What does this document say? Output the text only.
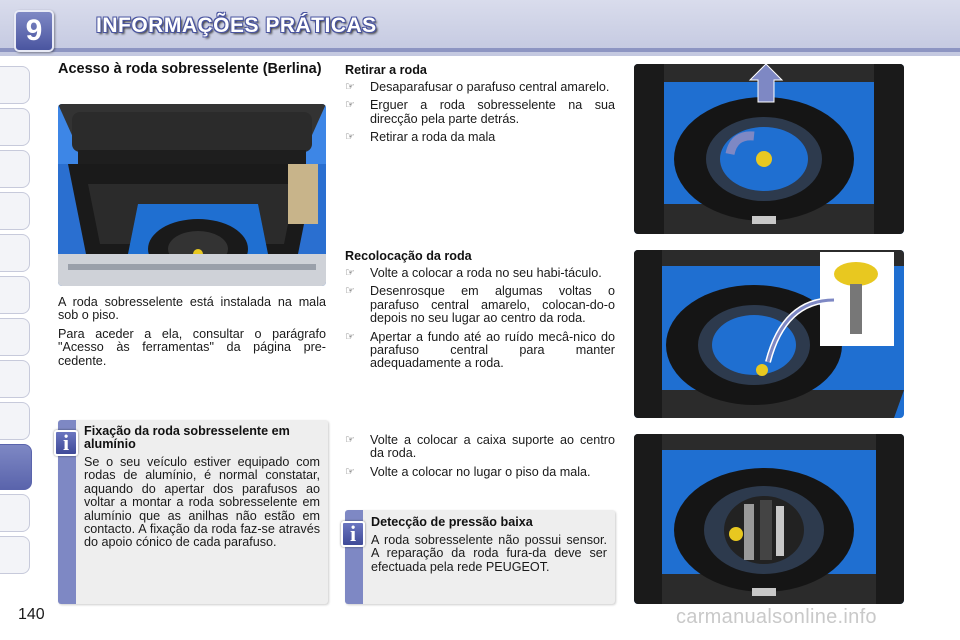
9	INFORMAÇÕES PRÁTICAS
Acesso à roda sobresselente (Berlina)

A roda sobresselente está instalada na mala sob o piso.

Para aceder a ela, consultar o parágrafo "Acesso às ferramentas" da página pre-cedente.

Fixação da roda sobresselente em alumínio
Se o seu veículo estiver equipado com rodas de alumínio, é normal constatar, aquando do apertar dos parafusos ao voltar a montar a roda sobresselente em alumínio que as anilhas não estão em contacto. A fixação da roda faz-se através do apoio cónico de cada parafuso.
i
Retirar a roda
☞ Desaparafusar o parafuso central amarelo.
☞ Erguer a roda sobresselente na sua direcção pela parte detrás.
☞ Retirar a roda da mala
Recolocação da roda
☞ Volte a colocar a roda no seu habi-táculo.
☞ Desenrosque em algumas voltas o parafuso central amarelo, colocan-do-o depois no seu lugar ao centro da roda.
☞ Apertar a fundo até ao ruído mecâ-nico do parafuso central para manter adequadamente a roda.
☞ Volte a colocar a caixa suporte ao centro da roda.
☞ Volte a colocar no lugar o piso da mala.
Detecção de pressão baixa
A roda sobresselente não possui sensor. A reparação da roda fura-da deve ser efectuada pela rede PEUGEOT.
i
140	carmanualsonline.info
